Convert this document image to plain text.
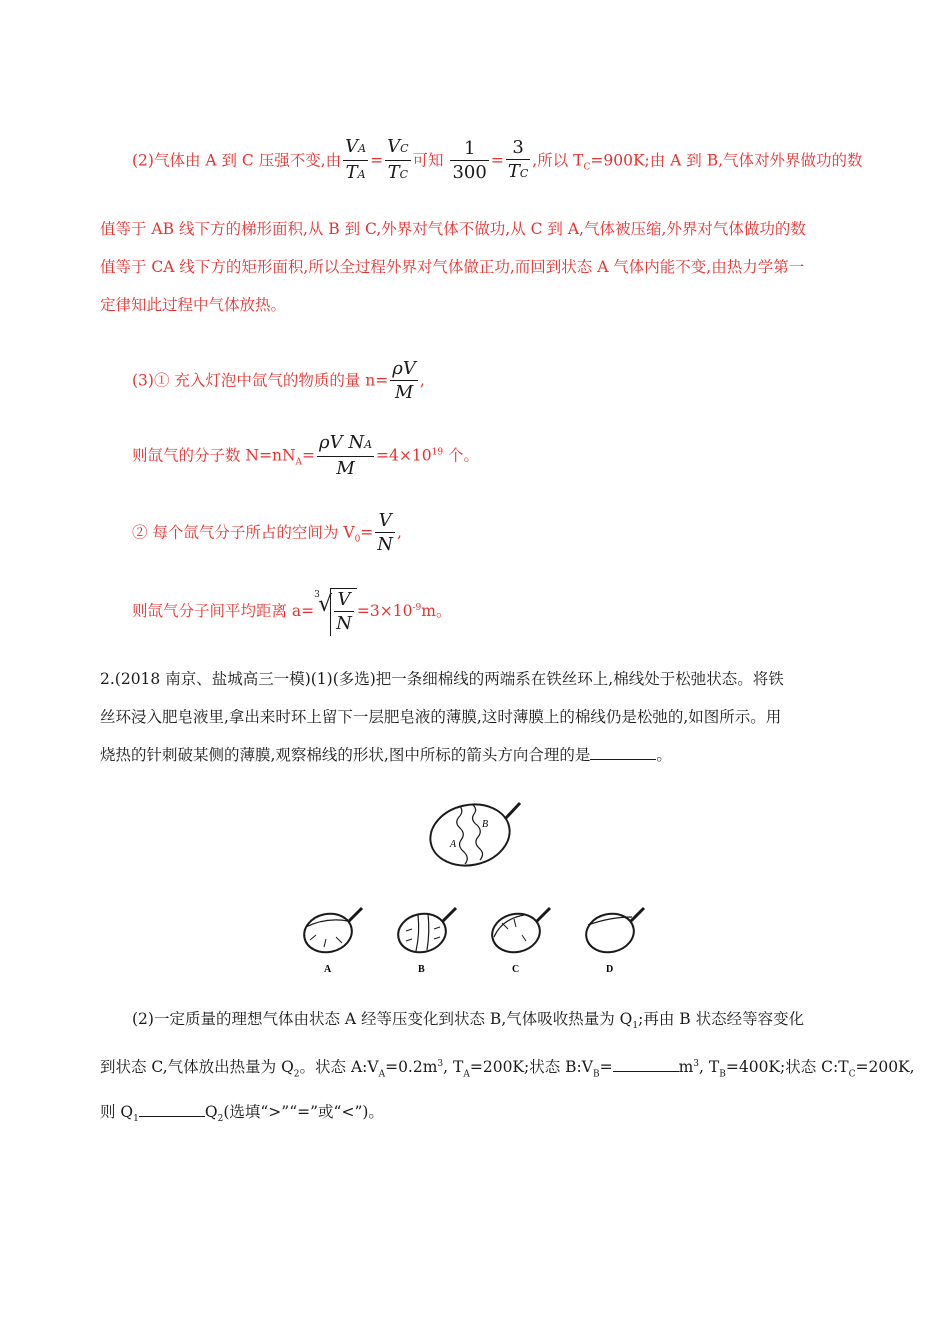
(2)气体由 A 到 C 压强不变,由 $\frac{VA}{TA} = \frac{VC}{TC}$ 可知 $\frac{1}{300} = \frac{3}{TC}$ ,所以 $T_C=900K$;由 A 到 B,气体对外界做功的数
值等于 AB 线下方的梯形面积,从 B 到 C,外界对气体不做功,从 C 到 A,气体被压缩,外界对气体做功的数
值等于 CA 线下方的矩形面积,所以全过程外界对气体做正功,而回到状态 A 气体内能不变,由热力学第一
定律知此过程中气体放热。
(3)① 充入灯泡中氙气的物质的量 $n= \frac{\rho V}{M}$ ,
则氙气的分子数 $N=nN_A= \frac{\text{ρV NA}}{M} =4\times 10^{19}$ 个。
② 每个氙气分子所占的空间为 $V_0= \frac{V}{N}$ ,
则氙气分子间平均距离 a=
3
√ $\frac{V}{N} =3\times 10^{-9}m$。
2.(2018 南京、盐城高三一模)(1)(多选)把一条细棉线的两端系在铁丝环上,棉线处于松弛状态。将铁
丝环浸入肥皂液里,拿出来时环上留下一层肥皂液的薄膜,这时薄膜上的棉线仍是松弛的,如图所示。用
烧热的针刺破某侧的薄膜,观察棉线的形状,图中所标的箭头方向合理的是	。
A
B
A	B	C	D
(2)一定质量的理想气体由状态 A 经等压变化到状态 B,气体吸收热量为 $Q_1$;再由 B 状态经等容变化
到状态 C,气体放出热量为 $Q_2$。状态 $A:V_A=0.2m^3$, $T_A=200K$;状态 $B:V_B=$	$m^3$, $T_B=400K$;状态 $C:T_C=200K$,
则 $Q_1$	$Q_2$(选填“>”“=”或“<”)。
